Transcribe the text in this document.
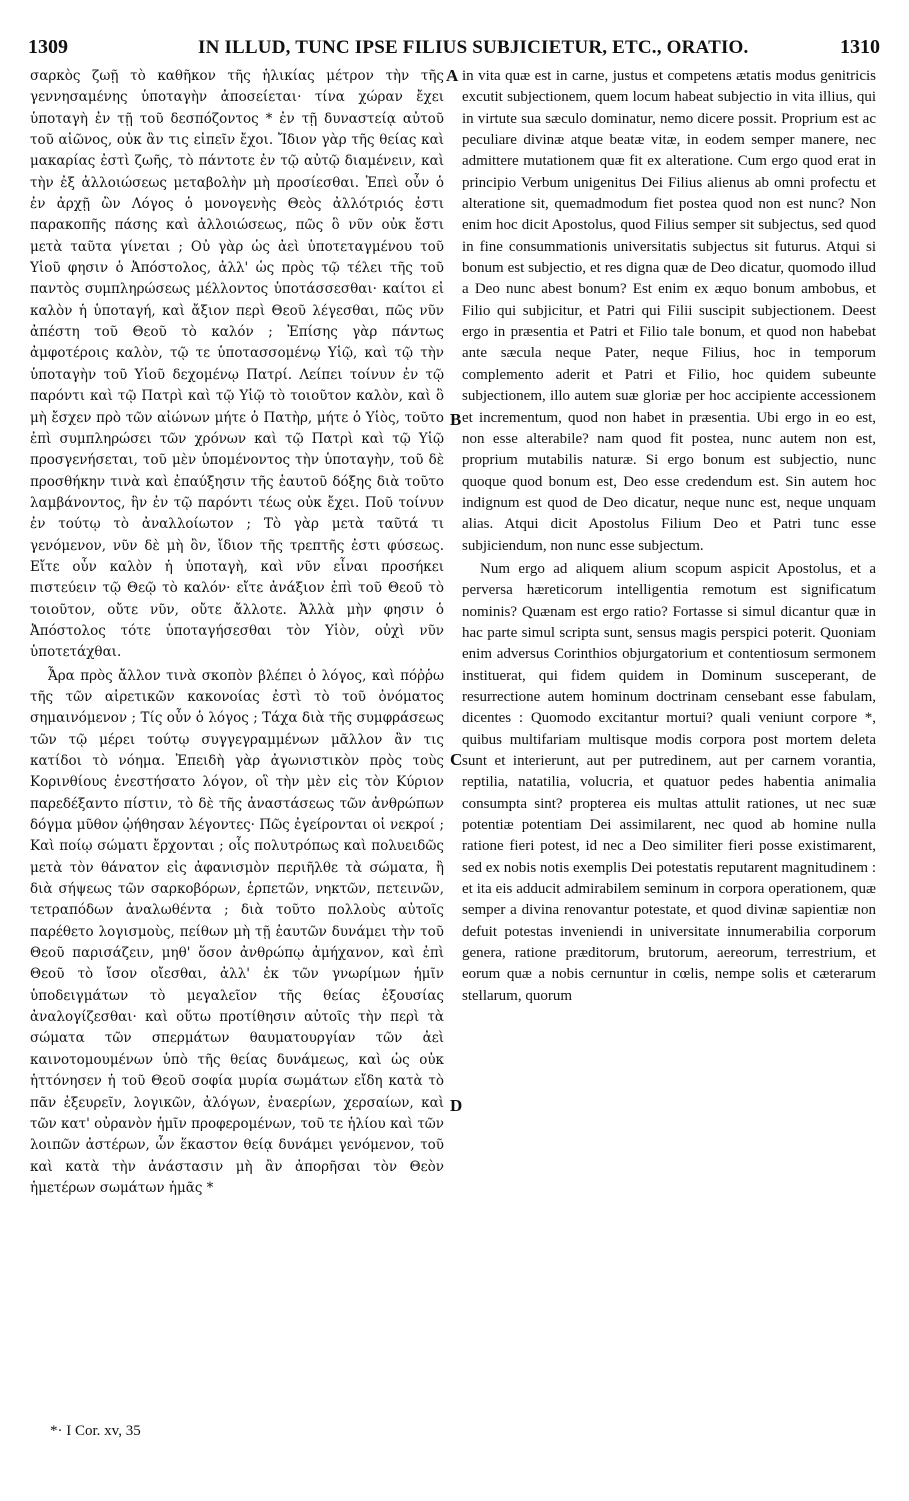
1309	IN ILLUD, TUNC IPSE FILIUS SUBJICIETUR, ETC., ORATIO.	1310

σαρκὸς ζωῇ τὸ καθῆκον τῆς ἡλικίας μέτρον τὴν τῆς γεννησαμένης ὑποταγὴν ἀποσείεται· τίνα χώραν ἔχει ὑποταγὴ ἐν τῇ τοῦ δεσπόζοντος * ἐν τῇ δυναστείᾳ αὐτοῦ τοῦ αἰῶνος, οὐκ ἂν τις εἰπεῖν ἔχοι. Ἴδιον γὰρ τῆς θείας καὶ μακαρίας ἐστὶ ζωῆς, τὸ πάντοτε ἐν τῷ αὐτῷ διαμένειν, καὶ τὴν ἐξ ἀλλοιώσεως μεταβολὴν μὴ προσίεσθαι. Ἐπεὶ οὖν ὁ ἐν ἀρχῇ ὢν Λόγος ὁ μονογενὴς Θεὸς ἀλλότριός ἐστι παρακοπῆς πάσης καὶ ἀλλοιώσεως, πῶς ὃ νῦν οὐκ ἔστι μετὰ ταῦτα γίνεται ; Οὐ γὰρ ὡς ἀεὶ ὑποτεταγμένου τοῦ Υἱοῦ φησιν ὁ Ἀπόστολος, ἀλλ' ὡς πρὸς τῷ τέλει τῆς τοῦ παντὸς συμπληρώσεως μέλλοντος ὑποτάσσεσθαι· καίτοι εἰ καλὸν ἡ ὑποταγή, καὶ ἄξιον περὶ Θεοῦ λέγεσθαι, πῶς νῦν ἀπέστη τοῦ Θεοῦ τὸ καλόν ; Ἐπίσης γὰρ πάντως ἀμφοτέροις καλὸν, τῷ τε ὑποτασσομένῳ Υἱῷ, καὶ τῷ τὴν ὑποταγὴν τοῦ Υἱοῦ δεχομένῳ Πατρί. Λείπει τοίνυν ἐν τῷ παρόντι καὶ τῷ Πατρὶ καὶ τῷ Υἱῷ τὸ τοιοῦτον καλὸν, καὶ ὃ μὴ ἔσχεν πρὸ τῶν αἰώνων μήτε ὁ Πατὴρ, μήτε ὁ Υἱὸς, τοῦτο ἐπὶ συμπληρώσει τῶν χρόνων καὶ τῷ Πατρὶ καὶ τῷ Υἱῷ προσγενήσεται, τοῦ μὲν ὑπομένοντος τὴν ὑποταγὴν, τοῦ δὲ προσθήκην τινὰ καὶ ἐπαύξησιν τῆς ἑαυτοῦ δόξης διὰ τοῦτο λαμβάνοντος, ἣν ἐν τῷ παρόντι τέως οὐκ ἔχει. Ποῦ τοίνυν ἐν τούτῳ τὸ ἀναλλοίωτον ; Τὸ γὰρ μετὰ ταῦτά τι γενόμενον, νῦν δὲ μὴ ὂν, ἴδιον τῆς τρεπτῆς ἐστι φύσεως. Εἴτε οὖν καλὸν ἡ ὑποταγὴ, καὶ νῦν εἶναι προσήκει πιστεύειν τῷ Θεῷ τὸ καλόν· εἴτε ἀνάξιον ἐπὶ τοῦ Θεοῦ τὸ τοιοῦτον, οὔτε νῦν, οὔτε ἄλλοτε. Ἀλλὰ μὴν φησιν ὁ Ἀπόστολος τότε ὑποταγήσεσθαι τὸν Υἱὸν, οὐχὶ νῦν ὑποτετάχθαι.

Ἆρα πρὸς ἄλλον τινὰ σκοπὸν βλέπει ὁ λόγος, καὶ πόῤῥω τῆς τῶν αἱρετικῶν κακονοίας ἐστὶ τὸ τοῦ ὀνόματος σημαινόμενον ; Τίς οὖν ὁ λόγος ; Τάχα διὰ τῆς συμφράσεως τῶν τῷ μέρει τούτῳ συγγεγραμμένων μᾶλλον ἂν τις κατίδοι τὸ νόημα. Ἐπειδὴ γὰρ ἀγωνιστικὸν πρὸς τοὺς Κορινθίους ἐνεστήσατο λόγον, οἳ τὴν μὲν εἰς τὸν Κύριον παρεδέξαντο πίστιν, τὸ δὲ τῆς ἀναστάσεως τῶν ἀνθρώπων δόγμα μῦθον ᾠήθησαν λέγοντες· Πῶς ἐγείρονται οἱ νεκροί ; Καὶ ποίῳ σώματι ἔρχονται ; οἷς πολυτρόπως καὶ πολυειδῶς μετὰ τὸν θάνατον εἰς ἀφανισμὸν περιῆλθε τὰ σώματα, ἢ διὰ σήψεως τῶν σαρκοβόρων, ἑρπετῶν, νηκτῶν, πετεινῶν, τετραπόδων ἀναλωθέντα ; διὰ τοῦτο πολλοὺς αὐτοῖς παρέθετο λογισμοὺς, πείθων μὴ τῇ ἑαυτῶν δυνάμει τὴν τοῦ Θεοῦ παρισάζειν, μηθ' ὅσον ἀνθρώπῳ ἀμήχανον, καὶ ἐπὶ Θεοῦ τὸ ἴσον οἴεσθαι, ἀλλ' ἐκ τῶν γνωρίμων ἡμῖν ὑποδειγμάτων τὸ μεγαλεῖον τῆς θείας ἐξουσίας ἀναλογίζεσθαι· καὶ οὕτω προτίθησιν αὐτοῖς τὴν περὶ τὰ σώματα τῶν σπερμάτων θαυματουργίαν τῶν ἀεὶ καινοτομουμένων ὑπὸ τῆς θείας δυνάμεως, καὶ ὡς οὐκ ἡττόνησεν ἡ τοῦ Θεοῦ σοφία μυρία σωμάτων εἴδη κατὰ τὸ πᾶν ἐξευρεῖν, λογικῶν, ἀλόγων, ἐναερίων, χερσαίων, καὶ τῶν κατ' οὐρανὸν ἡμῖν προφερομένων, τοῦ τε ἡλίου καὶ τῶν λοιπῶν ἀστέρων, ὧν ἕκαστον θείᾳ δυνάμει γενόμενον, τοῦ καὶ κατὰ τὴν ἀνάστασιν μὴ ἂν ἀπορῆσαι τὸν Θεὸν ἡμετέρων σωμάτων ἡμᾶς *

A
B
C
D

in vita quæ est in carne, justus et competens ætatis modus genitricis excutit subjectionem, quem locum habeat subjectio in vita illius, qui in virtute sua sæculo dominatur, nemo dicere possit. Proprium est ac peculiare divinæ atque beatæ vitæ, in eodem semper manere, nec admittere mutationem quæ fit ex alteratione. Cum ergo quod erat in principio Verbum unigenitus Dei Filius alienus ab omni profectu et alteratione sit, quemadmodum fiet postea quod non est nunc? Non enim hoc dicit Apostolus, quod Filius semper sit subjectus, sed quod in fine consummationis universitatis subjectus sit futurus. Atqui si bonum est subjectio, et res digna quæ de Deo dicatur, quomodo illud a Deo nunc abest bonum? Est enim ex æquo bonum ambobus, et Filio qui subjicitur, et Patri qui Filii suscipit subjectionem. Deest ergo in præsentia et Patri et Filio tale bonum, et quod non habebat ante sæcula neque Pater, neque Filius, hoc in temporum complemento aderit et Patri et Filio, hoc quidem subeunte subjectionem, illo autem suæ gloriæ per hoc accipiente accessionem et incrementum, quod non habet in præsentia. Ubi ergo in eo est, non esse alterabile? nam quod fit postea, nunc autem non est, proprium mutabilis naturæ. Si ergo bonum est subjectio, nunc quoque quod bonum est, Deo esse credendum est. Sin autem hoc indignum est quod de Deo dicatur, neque nunc est, neque unquam alias. Atqui dicit Apostolus Filium Deo et Patri tunc esse subjiciendum, non nunc esse subjectum.

Num ergo ad aliquem alium scopum aspicit Apostolus, et a perversa hæreticorum intelligentia remotum est significatum nominis? Quænam est ergo ratio? Fortasse si simul dicantur quæ in hac parte simul scripta sunt, sensus magis perspici poterit. Quoniam enim adversus Corinthios objurgatorium et contentiosum sermonem instituerat, qui fidem quidem in Dominum susceperant, de resurrectione autem hominum doctrinam censebant esse fabulam, dicentes : Quomodo excitantur mortui? quali veniunt corpore *, quibus multifariam multisque modis corpora post mortem deleta sunt et interierunt, aut per putredinem, aut per carnem vorantia, reptilia, natatilia, volucria, et quatuor pedes habentia animalia consumpta sint? propterea eis multas attulit rationes, ut nec suæ potentiæ potentiam Dei assimilarent, nec quod ab homine nulla ratione fieri potest, id nec a Deo similiter fieri posse existimarent, sed ex nobis notis exemplis Dei potestatis reputarent magnitudinem : et ita eis adducit admirabilem seminum in corpora operationem, quæ semper a divina renovantur potestate, et quod divinæ sapientiæ non defuit potestas inveniendi in universitate innumerabilia corporum genera, ratione præditorum, brutorum, aereorum, terrestrium, et eorum quæ a nobis cernuntur in cœlis, nempe solis et cæterarum stellarum, quorum

*· I Cor. xv, 35
